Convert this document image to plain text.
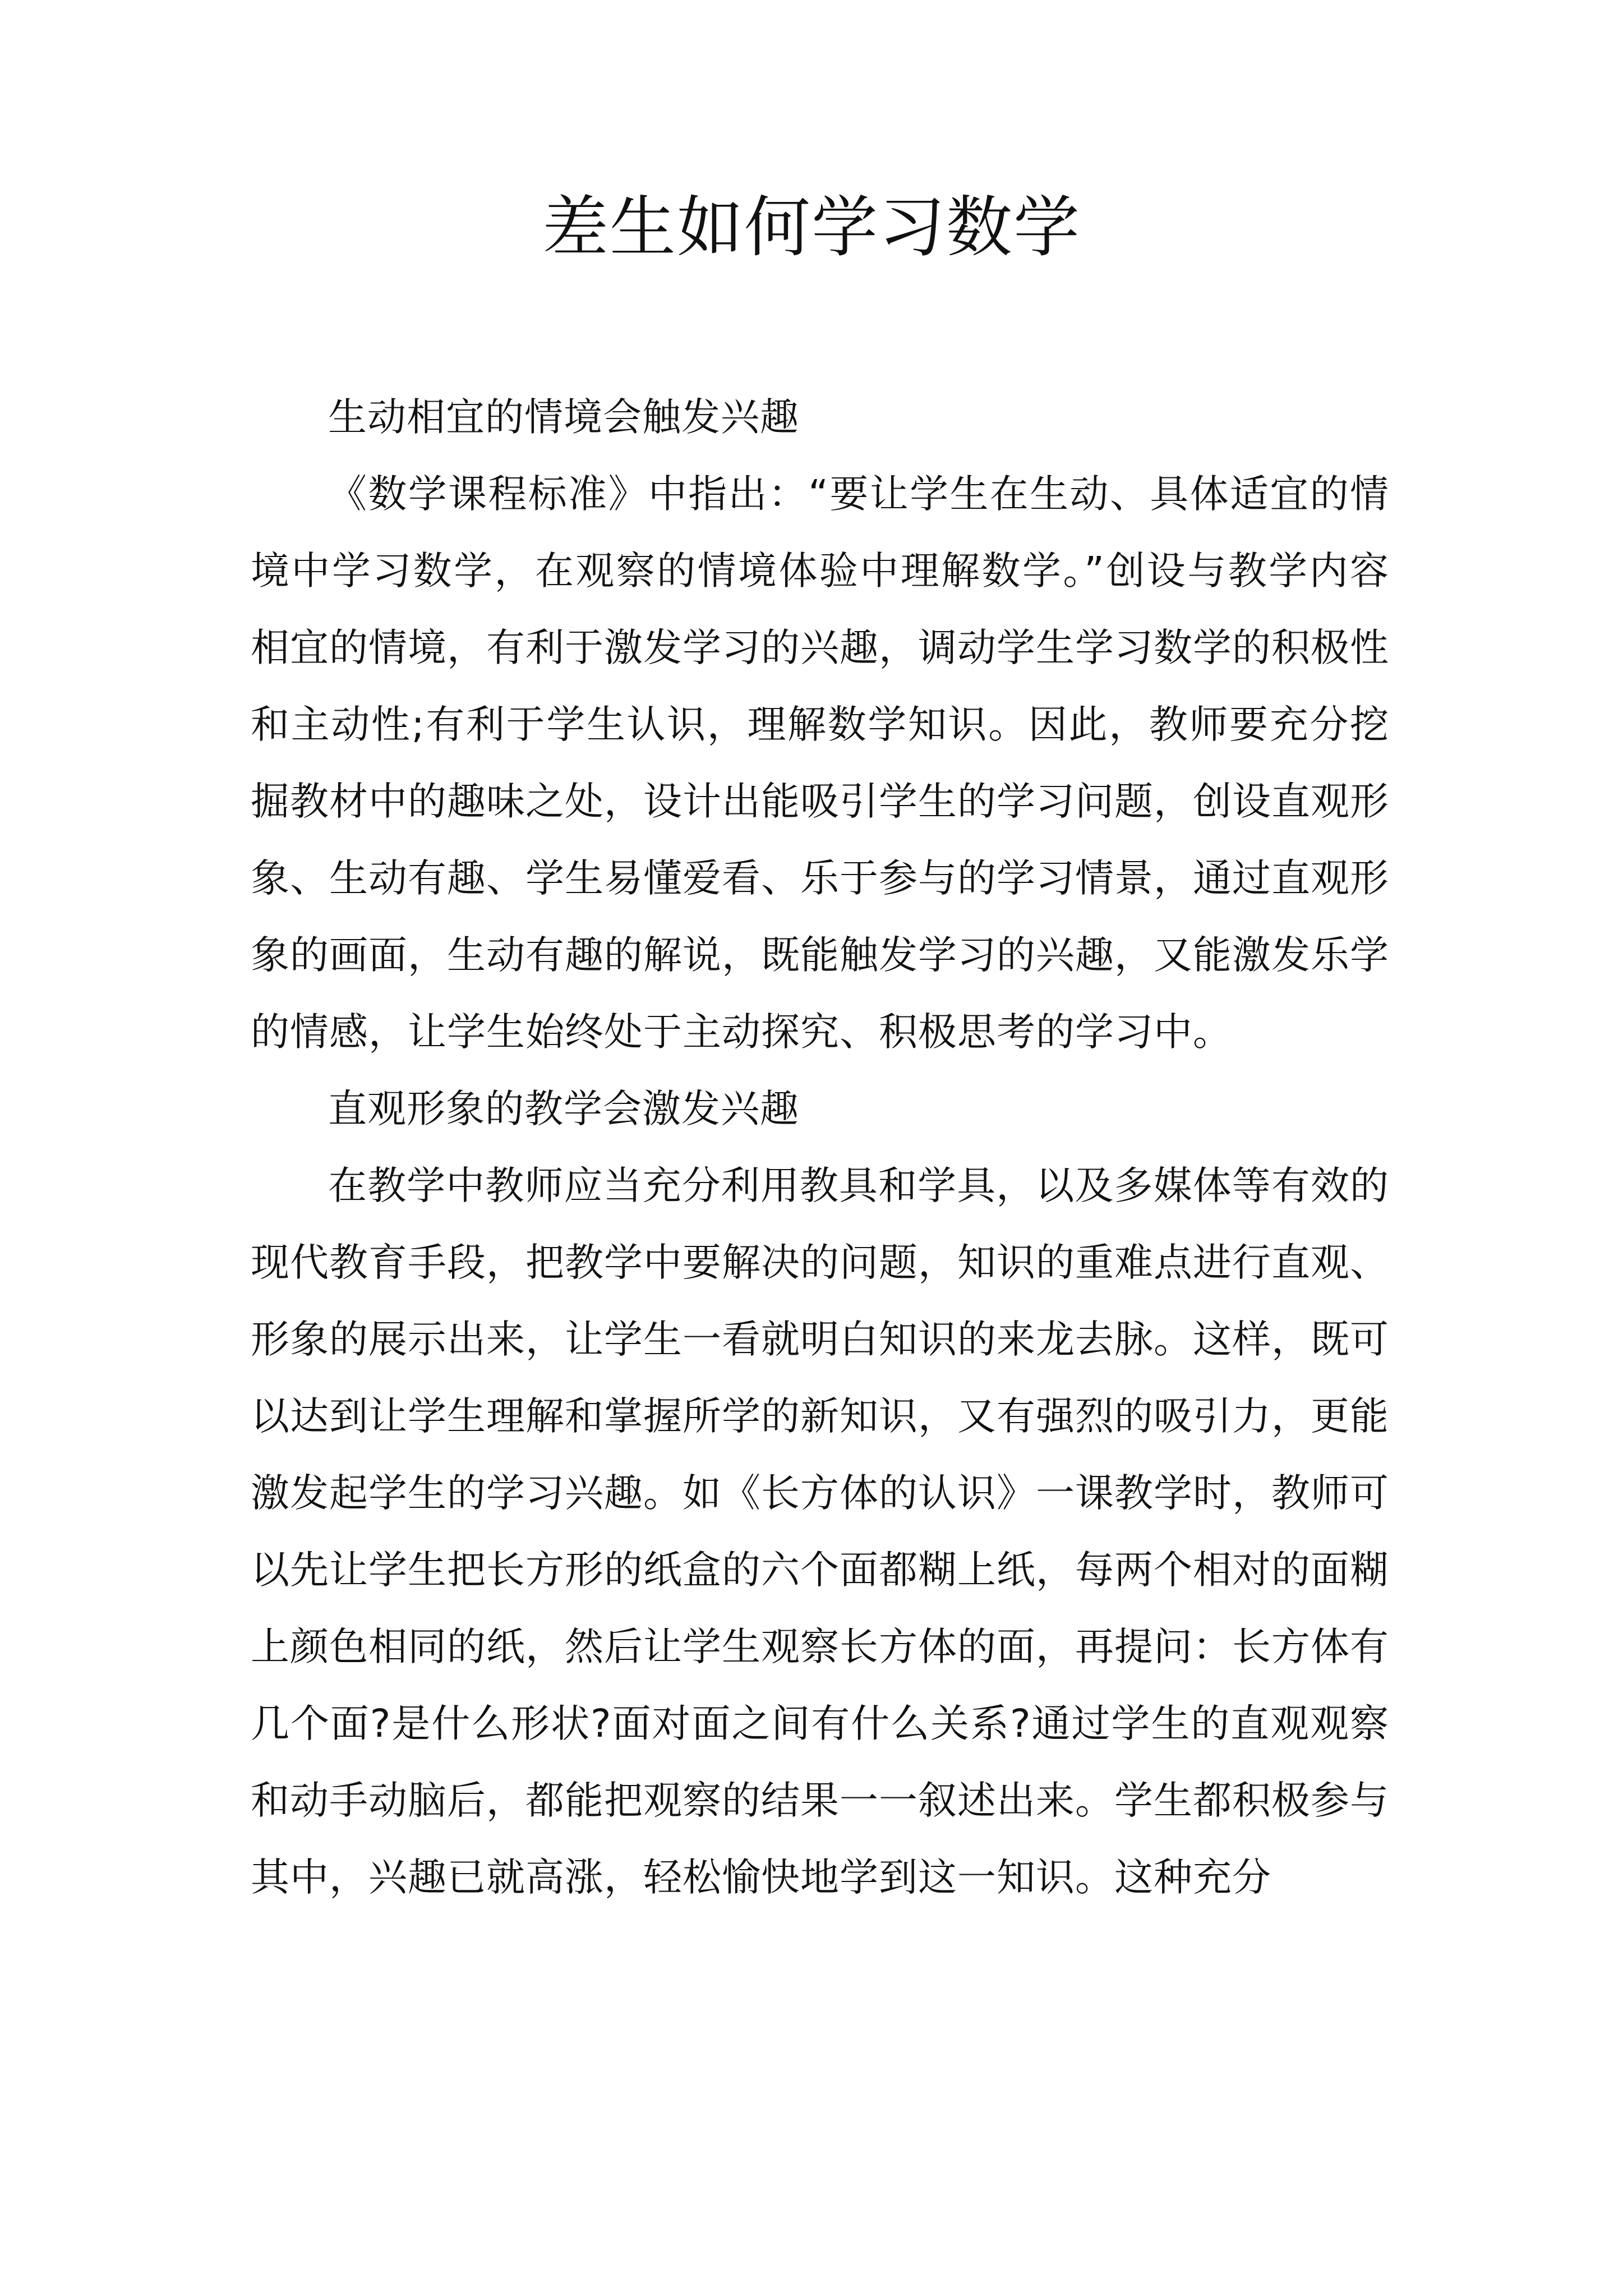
差生如何学习数学

生动相宜的情境会触发兴趣

《数学课程标准》中指出：“要让学生在生动、具体适宜的情境中学习数学，在观察的情境体验中理解数学。”创设与教学内容相宜的情境，有利于激发学习的兴趣，调动学生学习数学的积极性和主动性;有利于学生认识，理解数学知识。因此，教师要充分挖掘教材中的趣味之处，设计出能吸引学生的学习问题，创设直观形象、生动有趣、学生易懂爱看、乐于参与的学习情景，通过直观形象的画面，生动有趣的解说，既能触发学习的兴趣，又能激发乐学的情感，让学生始终处于主动探究、积极思考的学习中。

直观形象的教学会激发兴趣

在教学中教师应当充分利用教具和学具，以及多媒体等有效的现代教育手段，把教学中要解决的问题，知识的重难点进行直观、形象的展示出来，让学生一看就明白知识的来龙去脉。这样，既可以达到让学生理解和掌握所学的新知识，又有强烈的吸引力，更能激发起学生的学习兴趣。如《长方体的认识》一课教学时，教师可以先让学生把长方形的纸盒的六个面都糊上纸，每两个相对的面糊上颜色相同的纸，然后让学生观察长方体的面，再提问：长方体有几个面?是什么形状?面对面之间有什么关系?通过学生的直观观察和动手动脑后，都能把观察的结果一一叙述出来。学生都积极参与其中，兴趣已就高涨，轻松愉快地学到这一知识。这种充分
